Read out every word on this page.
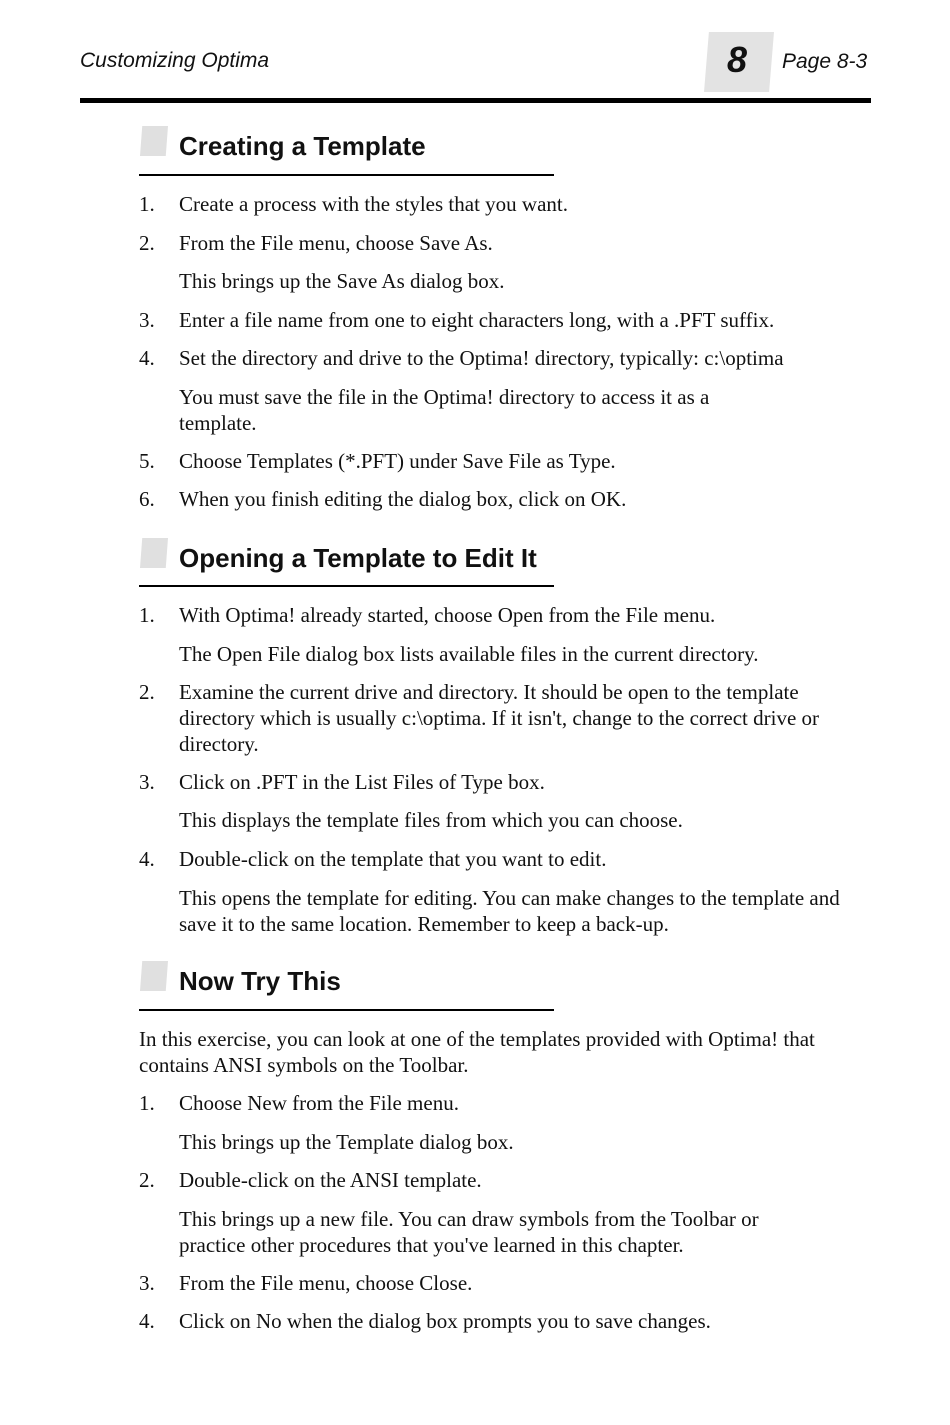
Customizing Optima	8	Page 8-3
Creating a Template
1. Create a process with the styles that you want.
2. From the File menu, choose Save As.
This brings up the Save As dialog box.
3. Enter a file name from one to eight characters long, with a .PFT suffix.
4. Set the directory and drive to the Optima! directory, typically: c:\optima
You must save the file in the Optima! directory to access it as a template.
5. Choose Templates (*.PFT) under Save File as Type.
6. When you finish editing the dialog box, click on OK.
Opening a Template to Edit It
1. With Optima! already started, choose Open from the File menu.
The Open File dialog box lists available files in the current directory.
2. Examine the current drive and directory. It should be open to the template directory which is usually c:\optima. If it isn't, change to the correct drive or directory.
3. Click on .PFT in the List Files of Type box.
This displays the template files from which you can choose.
4. Double-click on the template that you want to edit.
This opens the template for editing. You can make changes to the template and save it to the same location. Remember to keep a back-up.
Now Try This
In this exercise, you can look at one of the templates provided with Optima! that contains ANSI symbols on the Toolbar.
1. Choose New from the File menu.
This brings up the Template dialog box.
2. Double-click on the ANSI template.
This brings up a new file. You can draw symbols from the Toolbar or practice other procedures that you've learned in this chapter.
3. From the File menu, choose Close.
4. Click on No when the dialog box prompts you to save changes.
